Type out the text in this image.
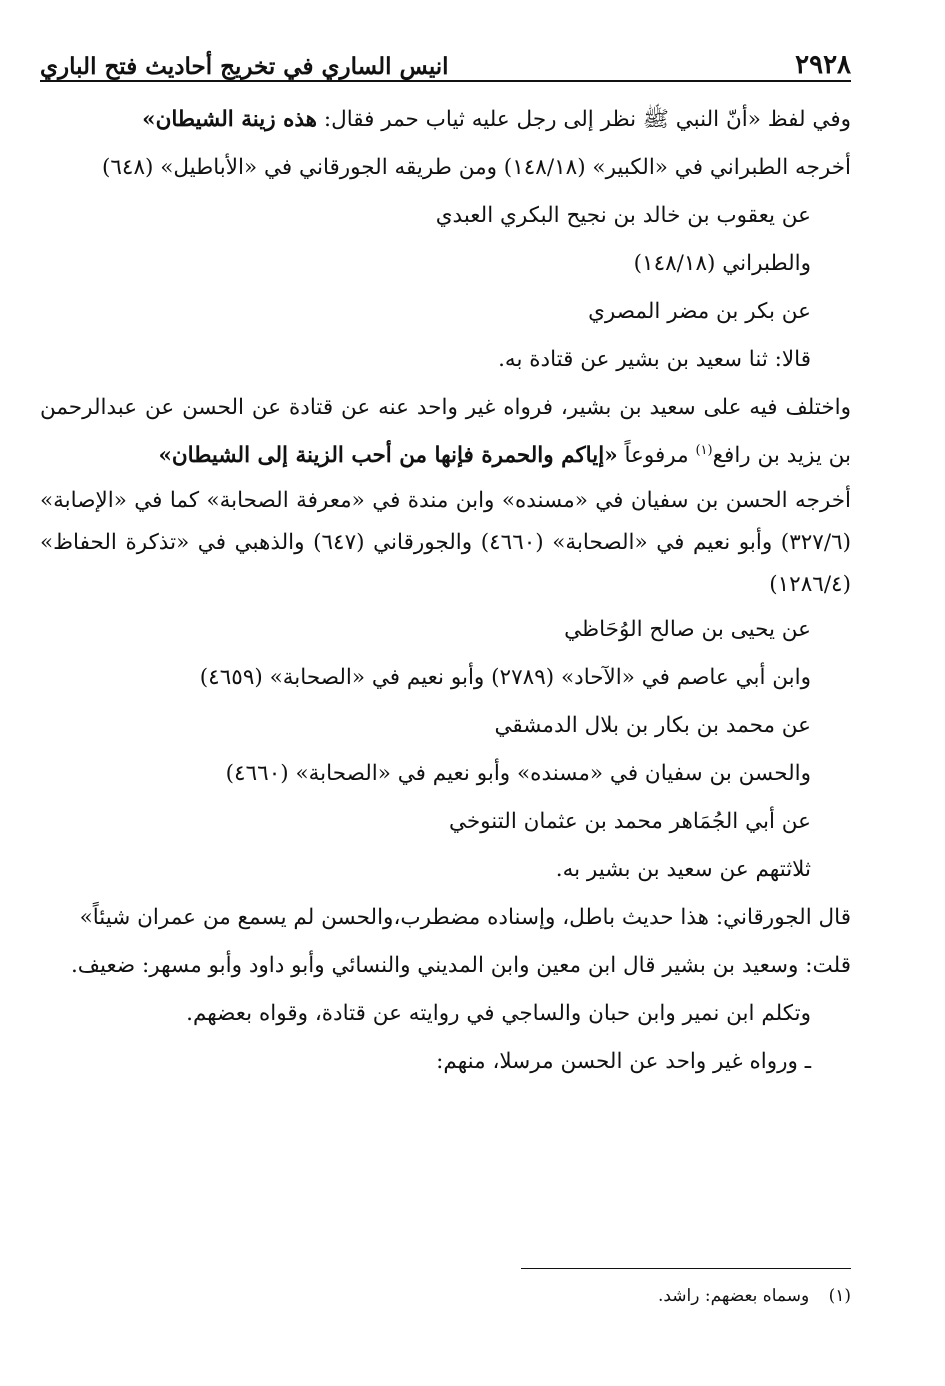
٢٩٢٨
انيس الساري في تخريج أحاديث فتح الباري

وفي لفظ «أنّ النبي ﷺ نظر إلى رجل عليه ثياب حمر فقال: هذه زينة الشيطان»

أخرجه الطبراني في «الكبير» (١٤٨/١٨) ومن طريقه الجورقاني في «الأباطيل» (٦٤٨)

عن يعقوب بن خالد بن نجيح البكري العبدي

والطبراني (١٤٨/١٨)

عن بكر بن مضر المصري

قالا: ثنا سعيد بن بشير عن قتادة به.

واختلف فيه على سعيد بن بشير، فرواه غير واحد عنه عن قتادة عن الحسن عن عبدالرحمن بن يزيد بن رافع$^{(١)}$ مرفوعاً «إياكم والحمرة فإنها من أحب الزينة إلى الشيطان»

أخرجه الحسن بن سفيان في «مسنده» وابن مندة في «معرفة الصحابة» كما في «الإصابة» (٣٢٧/٦) وأبو نعيم في «الصحابة» (٤٦٦٠) والجورقاني (٦٤٧) والذهبي في «تذكرة الحفاظ» (١٢٨٦/٤)

عن يحيى بن صالح الوُحَاظي

وابن أبي عاصم في «الآحاد» (٢٧٨٩) وأبو نعيم في «الصحابة» (٤٦٥٩)

عن محمد بن بكار بن بلال الدمشقي

والحسن بن سفيان في «مسنده» وأبو نعيم في «الصحابة» (٤٦٦٠)

عن أبي الجُمَاهر محمد بن عثمان التنوخي

ثلاثتهم عن سعيد بن بشير به.

قال الجورقاني: هذا حديث باطل، وإسناده مضطرب،والحسن لم يسمع من عمران شيئاً»

قلت: وسعيد بن بشير قال ابن معين وابن المديني والنسائي وأبو داود وأبو مسهر: ضعيف.

وتكلم ابن نمير وابن حبان والساجي في روايته عن قتادة، وقواه بعضهم.

ـ ورواه غير واحد عن الحسن مرسلا، منهم:

(١) وسماه بعضهم: راشد.
